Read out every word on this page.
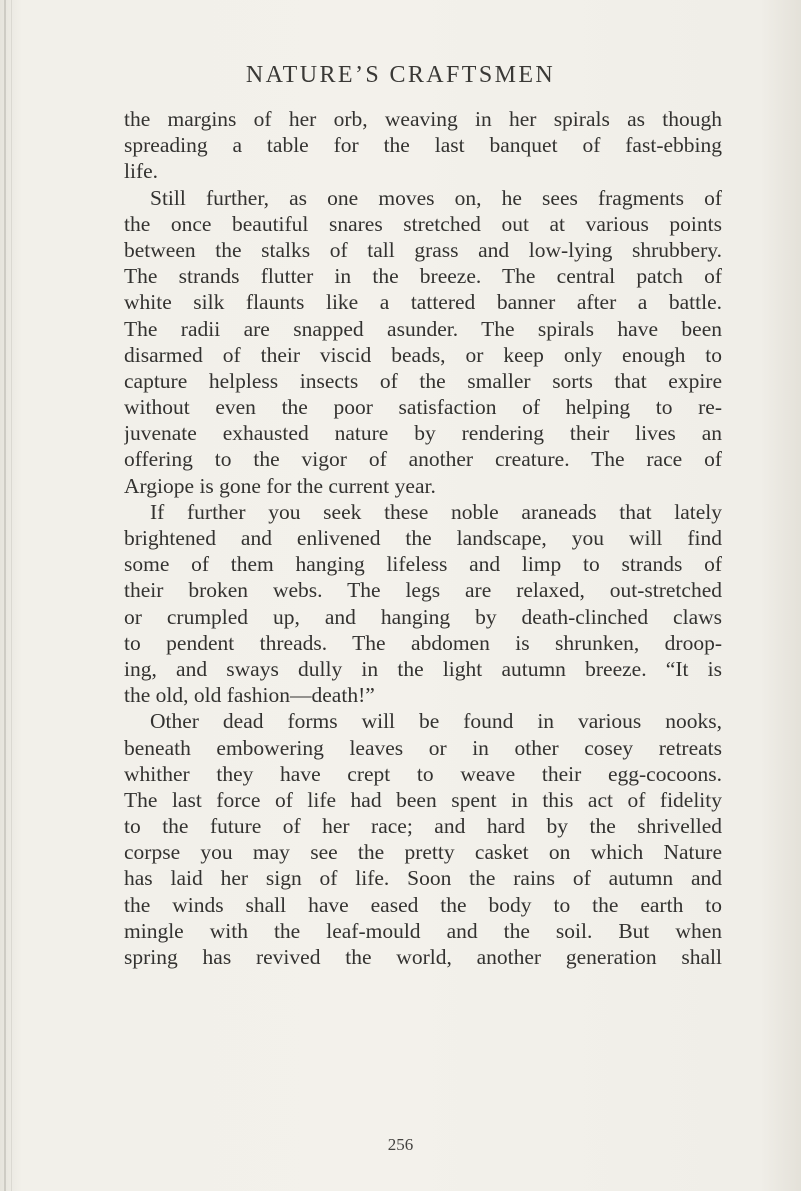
NATURE’S CRAFTSMEN
the margins of her orb, weaving in her spirals as though
spreading a table for the last banquet of fast-ebbing
life.
Still further, as one moves on, he sees fragments of
the once beautiful snares stretched out at various points
between the stalks of tall grass and low-lying shrubbery.
The strands flutter in the breeze. The central patch of
white silk flaunts like a tattered banner after a battle.
The radii are snapped asunder. The spirals have been
disarmed of their viscid beads, or keep only enough to
capture helpless insects of the smaller sorts that expire
without even the poor satisfaction of helping to re-
juvenate exhausted nature by rendering their lives an
offering to the vigor of another creature. The race of
Argiope is gone for the current year.
If further you seek these noble araneads that lately
brightened and enlivened the landscape, you will find
some of them hanging lifeless and limp to strands of
their broken webs. The legs are relaxed, out-stretched
or crumpled up, and hanging by death-clinched claws
to pendent threads. The abdomen is shrunken, droop-
ing, and sways dully in the light autumn breeze. “It is
the old, old fashion—death!”
Other dead forms will be found in various nooks,
beneath embowering leaves or in other cosey retreats
whither they have crept to weave their egg-cocoons.
The last force of life had been spent in this act of fidelity
to the future of her race; and hard by the shrivelled
corpse you may see the pretty casket on which Nature
has laid her sign of life. Soon the rains of autumn and
the winds shall have eased the body to the earth to
mingle with the leaf-mould and the soil. But when
spring has revived the world, another generation shall
256
